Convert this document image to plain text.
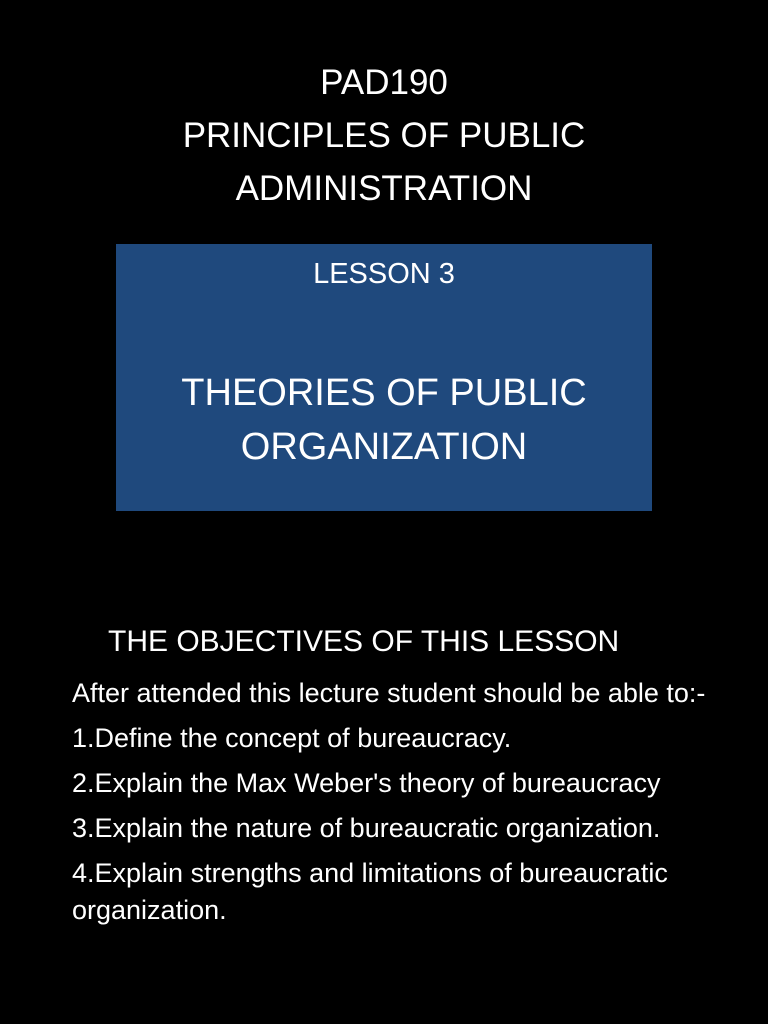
PAD190
PRINCIPLES OF PUBLIC
ADMINISTRATION
LESSON 3
THEORIES OF PUBLIC
ORGANIZATION
THE OBJECTIVES OF THIS LESSON

After attended this lecture student should be able to:-

1.Define the concept of bureaucracy.

2.Explain the Max Weber's theory of bureaucracy

3.Explain the nature of bureaucratic organization.

4.Explain strengths and limitations of bureaucratic organization.
